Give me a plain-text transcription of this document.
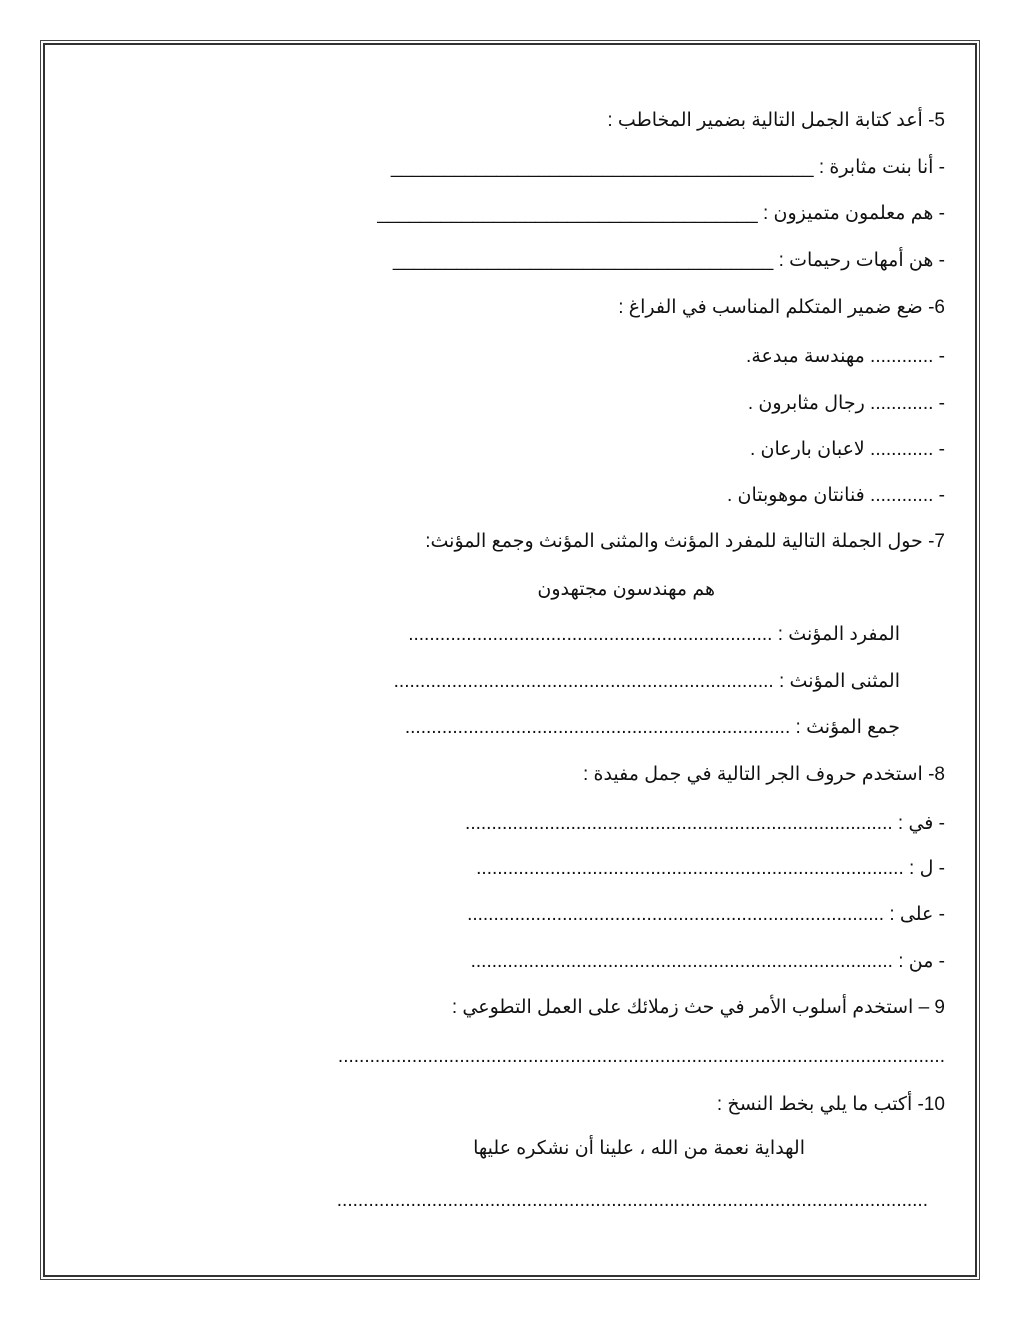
5- أعد كتابة الجمل التالية بضمير المخاطب :
- أنا بنت مثابرة : ________________________________________
- هم معلمون متميزون : ____________________________________
- هن أمهات رحيمات : ____________________________________
6- ضع ضمير المتكلم المناسب في الفراغ :
- ............ مهندسة مبدعة.
- ............ رجال مثابرون .
- ............ لاعبان بارعان .
- ............ فنانتان موهوبتان .
7- حول الجملة التالية للمفرد المؤنث والمثنى المؤنث وجمع المؤنث:
هم مهندسون مجتهدون
المفرد المؤنث : .....................................................................
المثنى المؤنث : ........................................................................
جمع المؤنث : .........................................................................
8- استخدم حروف الجر التالية في جمل مفيدة :
- في : .................................................................................
- ل : .................................................................................
- على : ...............................................................................
- من : ................................................................................
9 – استخدم أسلوب الأمر في حث زملائك على العمل التطوعي :
...................................................................................................................
10- أكتب ما يلي بخط النسخ :
الهداية نعمة من الله ، علينا أن نشكره عليها
................................................................................................................
